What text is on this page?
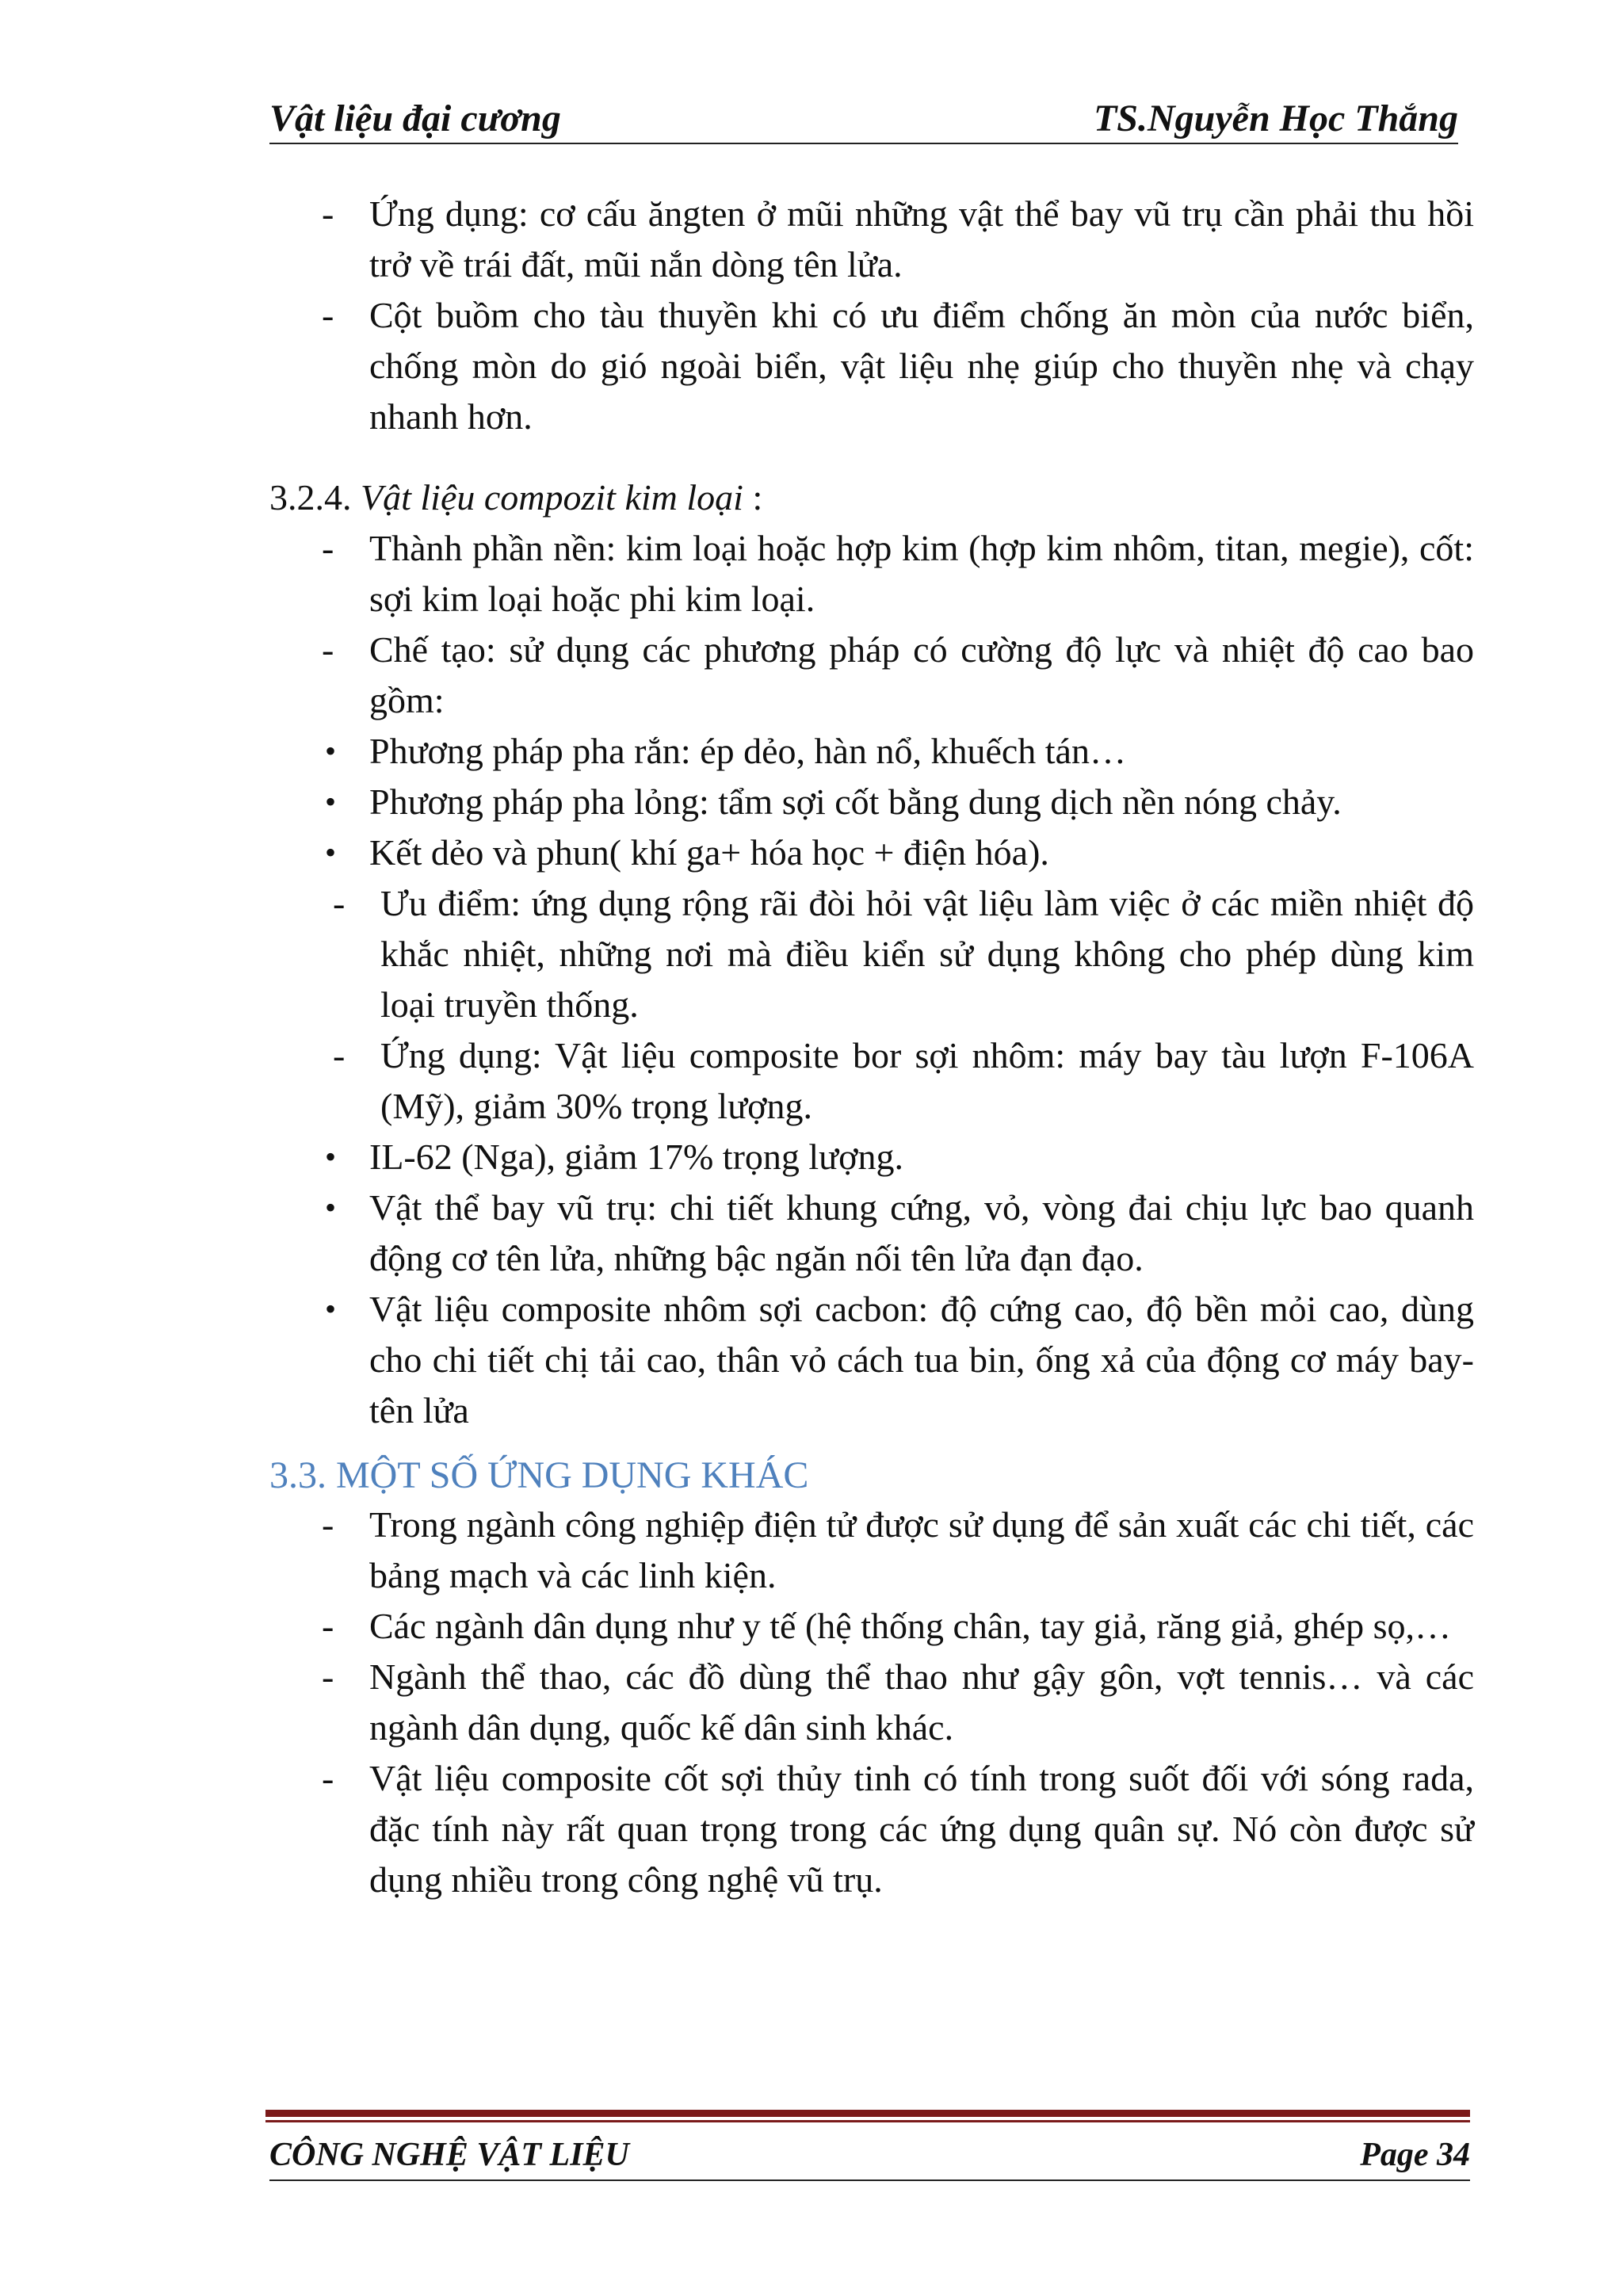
Vật liệu đại cương	TS.Nguyễn Học Thắng
- Ứng dụng: cơ cấu ăngten ở mũi những vật thể bay vũ trụ cần phải thu hồi trở về trái đất, mũi nắn dòng tên lửa.
- Cột buồm cho tàu thuyền khi có ưu điểm chống ăn mòn của nước biển, chống mòn do gió ngoài biển, vật liệu nhẹ giúp cho thuyền nhẹ và chạy nhanh hơn.
3.2.4. Vật liệu compozit kim loại :
- Thành phần nền: kim loại hoặc hợp kim (hợp kim nhôm, titan, megie), cốt: sợi kim loại hoặc phi kim loại.
- Chế tạo: sử dụng các phương pháp có cường độ lực và nhiệt độ cao bao gồm:
• Phương pháp pha rắn: ép dẻo, hàn nổ, khuếch tán…
• Phương pháp pha lỏng: tẩm sợi cốt bằng dung dịch nền nóng chảy.
• Kết dẻo và phun( khí ga+ hóa học + điện hóa).
- Ưu điểm: ứng dụng rộng rãi đòi hỏi vật liệu làm việc ở các miền nhiệt độ khắc nhiệt, những nơi mà điều kiển sử dụng không cho phép dùng kim loại truyền thống.
- Ứng dụng: Vật liệu composite bor sợi nhôm: máy bay tàu lượn F-106A (Mỹ), giảm 30% trọng lượng.
• IL-62 (Nga), giảm 17% trọng lượng.
• Vật thể bay vũ trụ: chi tiết khung cứng, vỏ, vòng đai chịu lực bao quanh động cơ tên lửa, những bậc ngăn nối tên lửa đạn đạo.
• Vật liệu composite nhôm sợi cacbon: độ cứng cao, độ bền mỏi cao, dùng cho chi tiết chị tải cao, thân vỏ cách tua bin, ống xả của động cơ máy bay-tên lửa
3.3. MỘT SỐ ỨNG DỤNG KHÁC
- Trong ngành công nghiệp điện tử được sử dụng để sản xuất các chi tiết, các bảng mạch và các linh kiện.
- Các ngành dân dụng như y tế (hệ thống chân, tay giả, răng giả, ghép sọ,…
- Ngành thể thao, các đồ dùng thể thao như gậy gôn, vợt tennis… và các ngành dân dụng, quốc kế dân sinh khác.
- Vật liệu composite cốt sợi thủy tinh có tính trong suốt đối với sóng rada, đặc tính này rất quan trọng trong các ứng dụng quân sự. Nó còn được sử dụng nhiều trong công nghệ vũ trụ.
CÔNG NGHỆ VẬT LIỆU	Page 34
